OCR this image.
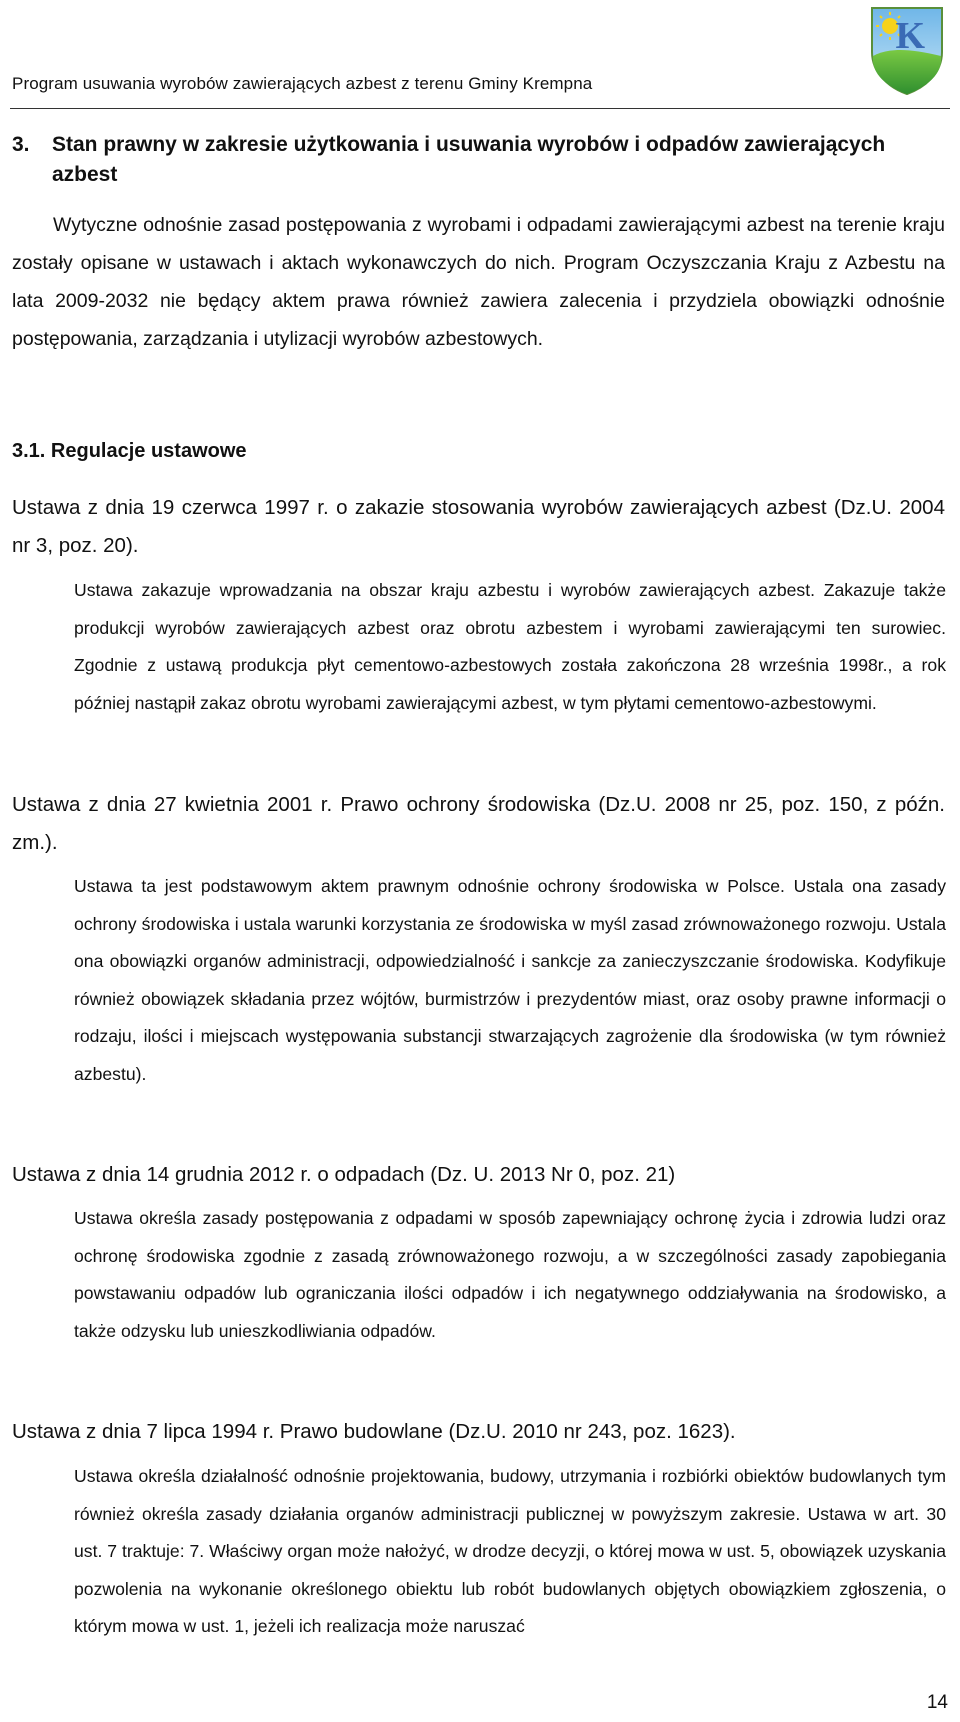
Program usuwania wyrobów zawierających azbest z terenu Gminy Krempna
K
3. Stan prawny w zakresie użytkowania i usuwania wyrobów i odpadów zawierających azbest
Wytyczne odnośnie zasad postępowania z wyrobami i odpadami zawierającymi azbest na terenie kraju zostały opisane w ustawach i aktach wykonawczych do nich. Program Oczyszczania Kraju z Azbestu na lata 2009-2032 nie będący aktem prawa również zawiera zalecenia i przydziela obowiązki odnośnie postępowania, zarządzania i utylizacji wyrobów azbestowych.
3.1. Regulacje ustawowe
Ustawa z dnia 19 czerwca 1997 r. o zakazie stosowania wyrobów zawierających azbest (Dz.U. 2004 nr 3, poz. 20).
Ustawa zakazuje wprowadzania na obszar kraju azbestu i wyrobów zawierających azbest. Zakazuje także produkcji wyrobów zawierających azbest oraz obrotu azbestem i wyrobami zawierającymi ten surowiec. Zgodnie z ustawą produkcja płyt cementowo-azbestowych została zakończona 28 września 1998r., a rok później nastąpił zakaz obrotu wyrobami zawierającymi azbest, w tym płytami cementowo-azbestowymi.
Ustawa z dnia 27 kwietnia 2001 r. Prawo ochrony środowiska (Dz.U. 2008 nr 25, poz. 150, z późn. zm.).
Ustawa ta jest podstawowym aktem prawnym odnośnie ochrony środowiska w Polsce. Ustala ona zasady ochrony środowiska i ustala warunki korzystania ze środowiska w myśl zasad zrównoważonego rozwoju. Ustala ona obowiązki organów administracji, odpowiedzialność i sankcje za zanieczyszczanie środowiska. Kodyfikuje również obowiązek składania przez wójtów, burmistrzów i prezydentów miast, oraz osoby prawne informacji o rodzaju, ilości i miejscach występowania substancji stwarzających zagrożenie dla środowiska (w tym również azbestu).
Ustawa z dnia 14 grudnia 2012 r. o odpadach (Dz. U. 2013 Nr 0, poz. 21)
Ustawa określa zasady postępowania z odpadami w sposób zapewniający ochronę życia i zdrowia ludzi oraz ochronę środowiska zgodnie z zasadą zrównoważonego rozwoju, a w szczególności zasady zapobiegania powstawaniu odpadów lub ograniczania ilości odpadów i ich negatywnego oddziaływania na środowisko, a także odzysku lub unieszkodliwiania odpadów.
Ustawa z dnia 7 lipca 1994 r. Prawo budowlane (Dz.U. 2010 nr 243, poz. 1623).
Ustawa określa działalność odnośnie projektowania, budowy, utrzymania i rozbiórki obiektów budowlanych tym również określa zasady działania organów administracji publicznej w powyższym zakresie. Ustawa w art. 30 ust. 7 traktuje: 7. Właściwy organ może nałożyć, w drodze decyzji, o której mowa w ust. 5, obowiązek uzyskania pozwolenia na wykonanie określonego obiektu lub robót budowlanych objętych obowiązkiem zgłoszenia, o którym mowa w ust. 1, jeżeli ich realizacja może naruszać
14
